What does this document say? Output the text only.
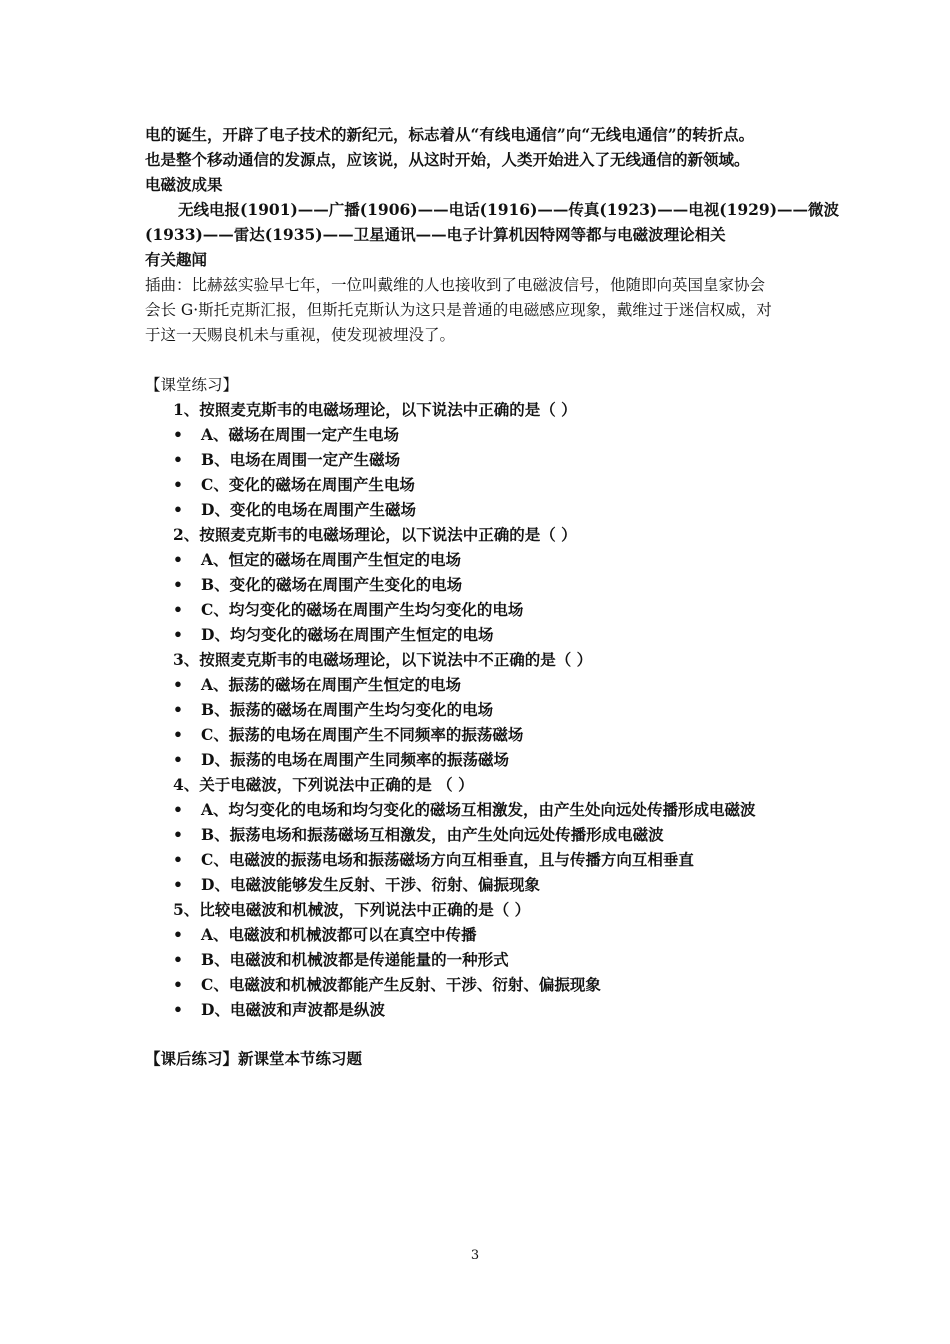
电的诞生，开辟了电子技术的新纪元，标志着从“有线电通信”向“无线电通信”的转折点。
也是整个移动通信的发源点，应该说，从这时开始，人类开始进入了无线通信的新领域。
电磁波成果
无线电报(1901)——广播(1906)——电话(1916)——传真(1923)——电视(1929)——微波
(1933)——雷达(1935)——卫星通讯——电子计算机因特网等都与电磁波理论相关
有关趣闻
插曲：比赫兹实验早七年，一位叫戴维的人也接收到了电磁波信号，他随即向英国皇家协会
会长 G·斯托克斯汇报，但斯托克斯认为这只是普通的电磁感应现象，戴维过于迷信权威，对
于这一天赐良机未与重视，使发现被埋没了。
【课堂练习】
1、按照麦克斯韦的电磁场理论，以下说法中正确的是（ ）
• A、磁场在周围一定产生电场
• B、电场在周围一定产生磁场
• C、变化的磁场在周围产生电场
• D、变化的电场在周围产生磁场
2、按照麦克斯韦的电磁场理论，以下说法中正确的是（ ）
• A、恒定的磁场在周围产生恒定的电场
• B、变化的磁场在周围产生变化的电场
• C、均匀变化的磁场在周围产生均匀变化的电场
• D、均匀变化的磁场在周围产生恒定的电场
3、按照麦克斯韦的电磁场理论，以下说法中不正确的是（ ）
• A、振荡的磁场在周围产生恒定的电场
• B、振荡的磁场在周围产生均匀变化的电场
• C、振荡的电场在周围产生不同频率的振荡磁场
• D、振荡的电场在周围产生同频率的振荡磁场
4、关于电磁波，下列说法中正确的是 （ ）
• A、均匀变化的电场和均匀变化的磁场互相激发，由产生处向远处传播形成电磁波
• B、振荡电场和振荡磁场互相激发，由产生处向远处传播形成电磁波
• C、电磁波的振荡电场和振荡磁场方向互相垂直，且与传播方向互相垂直
• D、电磁波能够发生反射、干涉、衍射、偏振现象
5、比较电磁波和机械波，下列说法中正确的是（ ）
• A、电磁波和机械波都可以在真空中传播
• B、电磁波和机械波都是传递能量的一种形式
• C、电磁波和机械波都能产生反射、干涉、衍射、偏振现象
• D、电磁波和声波都是纵波
【课后练习】新课堂本节练习题
3
